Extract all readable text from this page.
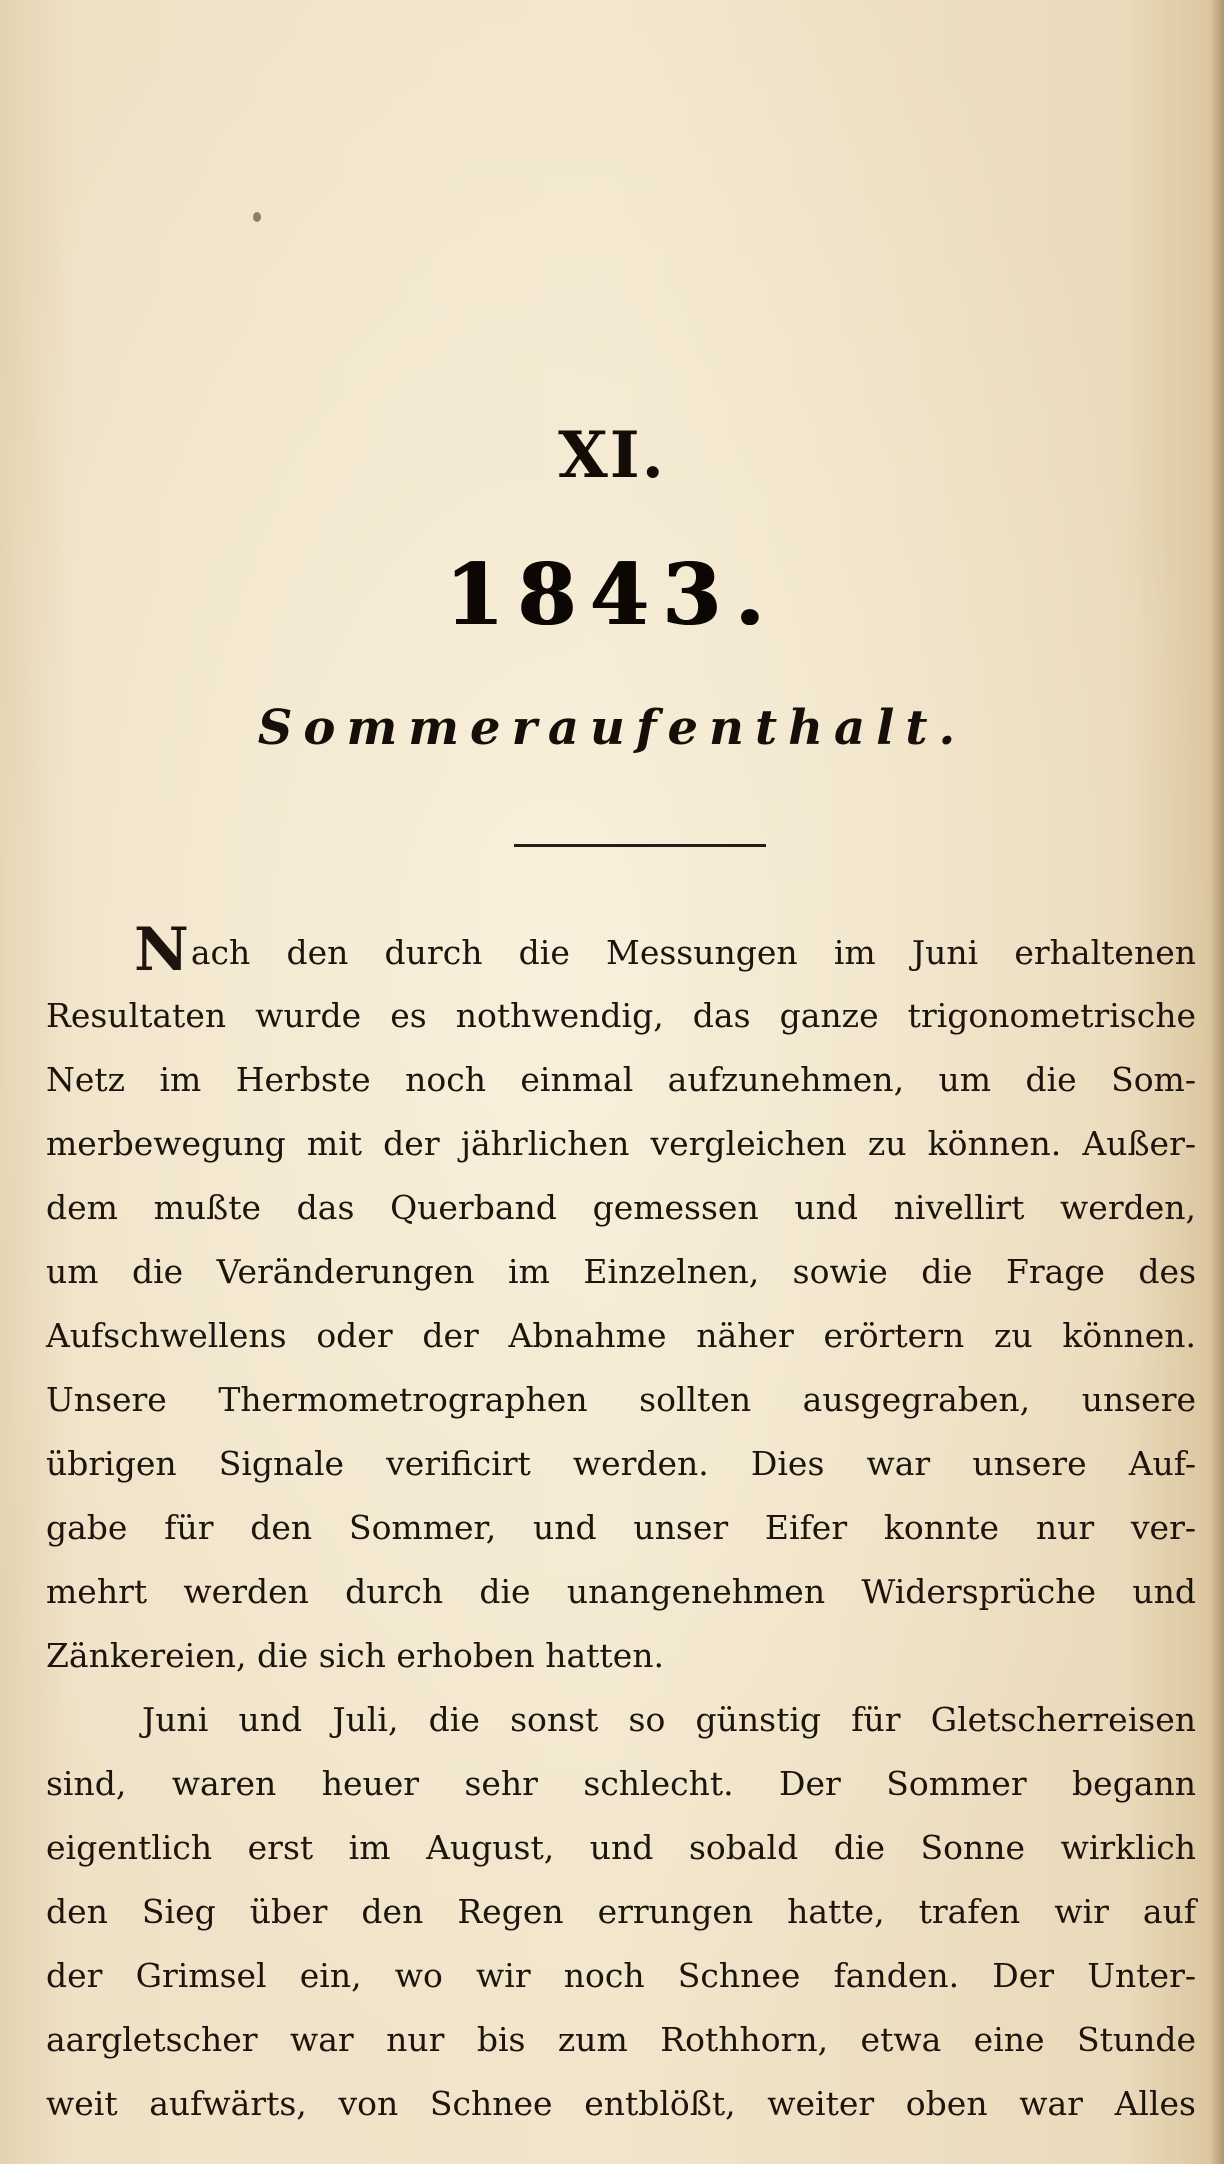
XI.
1843.
Sommeraufenthalt.
Nach den durch die Messungen im Juni erhaltenen
Resultaten wurde es nothwendig, das ganze trigonometrische
Netz im Herbste noch einmal aufzunehmen, um die Som-
merbewegung mit der jährlichen vergleichen zu können. Außer-
dem mußte das Querband gemessen und nivellirt werden,
um die Veränderungen im Einzelnen, sowie die Frage des
Aufschwellens oder der Abnahme näher erörtern zu können.
Unsere Thermometrographen sollten ausgegraben, unsere
übrigen Signale verificirt werden. Dies war unsere Auf-
gabe für den Sommer, und unser Eifer konnte nur ver-
mehrt werden durch die unangenehmen Widersprüche und
Zänkereien, die sich erhoben hatten.
Juni und Juli, die sonst so günstig für Gletscherreisen
sind, waren heuer sehr schlecht. Der Sommer begann
eigentlich erst im August, und sobald die Sonne wirklich
den Sieg über den Regen errungen hatte, trafen wir auf
der Grimsel ein, wo wir noch Schnee fanden. Der Unter-
aargletscher war nur bis zum Rothhorn, etwa eine Stunde
weit aufwärts, von Schnee entblößt, weiter oben war Alles
